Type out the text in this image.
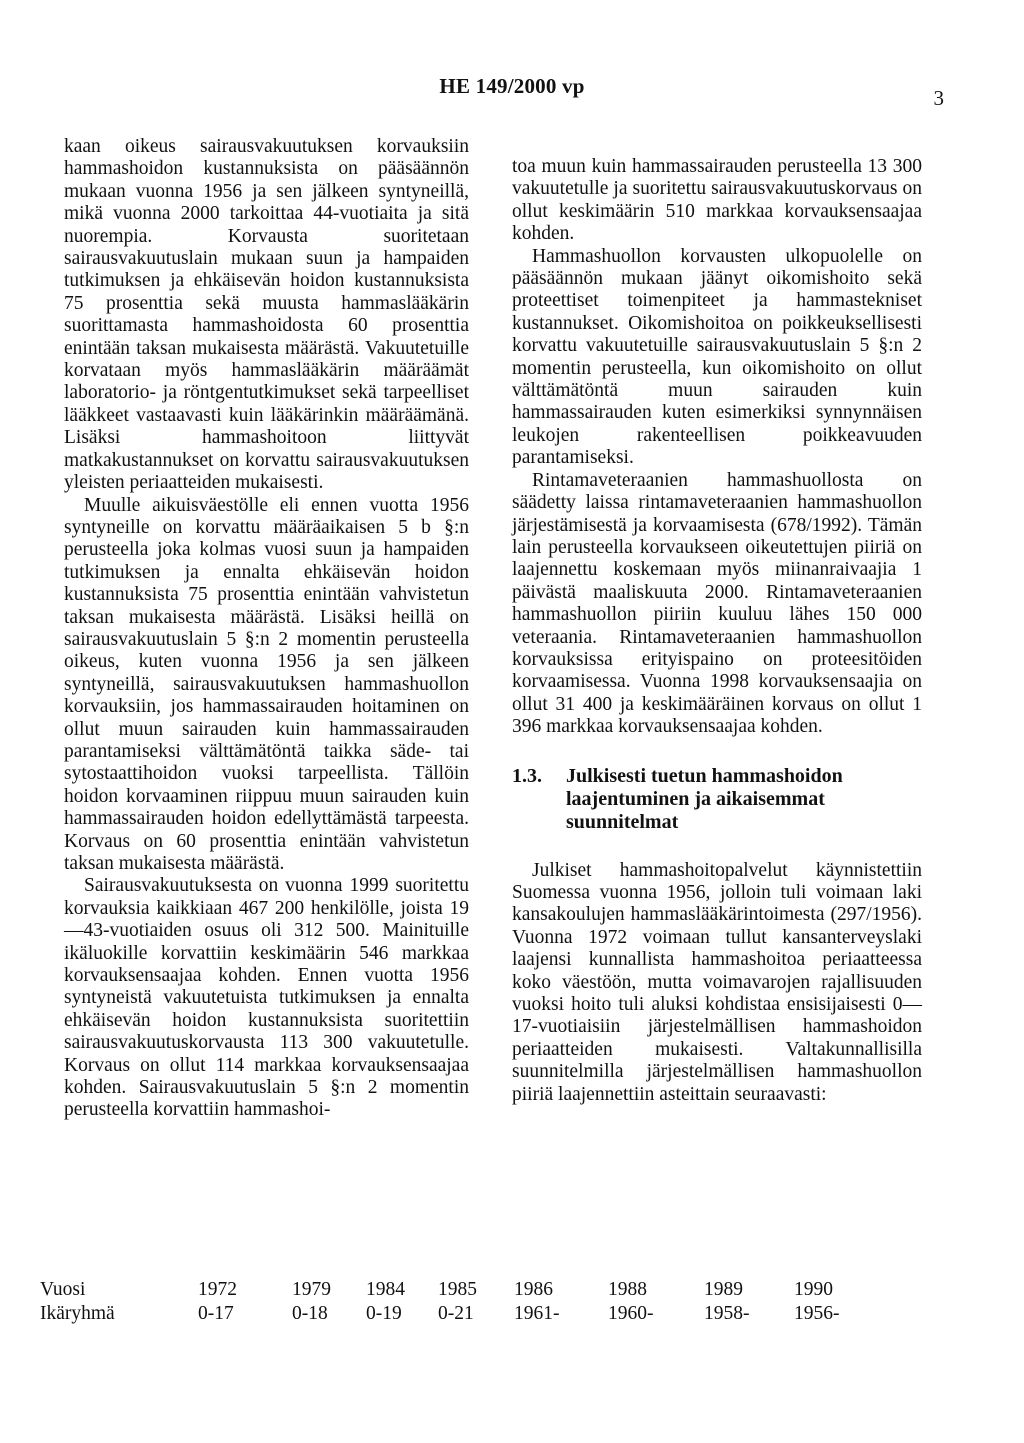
HE 149/2000 vp	3

kaan oikeus sairausvakuutuksen korvauksiin hammashoidon kustannuksista on pääsäännön mukaan vuonna 1956 ja sen jälkeen syntyneillä, mikä vuonna 2000 tarkoittaa 44-vuotiaita ja sitä nuorempia. Korvausta suoritetaan sairausvakuutuslain mukaan suun ja hampaiden tutkimuksen ja ehkäisevän hoidon kustannuksista 75 prosenttia sekä muusta hammaslääkärin suorittamasta hammashoidosta 60 prosenttia enintään taksan mukaisesta määrästä. Vakuutetuille korvataan myös hammaslääkärin määräämät laboratorio- ja röntgentutkimukset sekä tarpeelliset lääkkeet vastaavasti kuin lääkärinkin määräämänä. Lisäksi hammashoitoon liittyvät matkakustannukset on korvattu sairausvakuutuksen yleisten periaatteiden mukaisesti.

Muulle aikuisväestölle eli ennen vuotta 1956 syntyneille on korvattu määräaikaisen 5 b §:n perusteella joka kolmas vuosi suun ja hampaiden tutkimuksen ja ennalta ehkäisevän hoidon kustannuksista 75 prosenttia enintään vahvistetun taksan mukaisesta määrästä. Lisäksi heillä on sairausvakuutuslain 5 §:n 2 momentin perusteella oikeus, kuten vuonna 1956 ja sen jälkeen syntyneillä, sairausvakuutuksen hammashuollon korvauksiin, jos hammassairauden hoitaminen on ollut muun sairauden kuin hammassairauden parantamiseksi välttämätöntä taikka säde- tai sytostaattihoidon vuoksi tarpeellista. Tällöin hoidon korvaaminen riippuu muun sairauden kuin hammassairauden hoidon edellyttämästä tarpeesta. Korvaus on 60 prosenttia enintään vahvistetun taksan mukaisesta määrästä.

Sairausvakuutuksesta on vuonna 1999 suoritettu korvauksia kaikkiaan 467 200 henkilölle, joista 19—43-vuotiaiden osuus oli 312 500. Mainituille ikäluokille korvattiin keskimäärin 546 markkaa korvauksensaajaa kohden. Ennen vuotta 1956 syntyneistä vakuutetuista tutkimuksen ja ennalta ehkäisevän hoidon kustannuksista suoritettiin sairausvakuutuskorvausta 113 300 vakuutetulle. Korvaus on ollut 114 markkaa korvauksensaajaa kohden. Sairausvakuutuslain 5 §:n 2 momentin perusteella korvattiin hammashoi-

toa muun kuin hammassairauden perusteella 13 300 vakuutetulle ja suoritettu sairausvakuutuskorvaus on ollut keskimäärin 510 markkaa korvauksensaajaa kohden.

Hammashuollon korvausten ulkopuolelle on pääsäännön mukaan jäänyt oikomishoito sekä proteettiset toimenpiteet ja hammastekniset kustannukset. Oikomishoitoa on poikkeuksellisesti korvattu vakuutetuille sairausvakuutuslain 5 §:n 2 momentin perusteella, kun oikomishoito on ollut välttämätöntä muun sairauden kuin hammassairauden kuten esimerkiksi synnynnäisen leukojen rakenteellisen poikkeavuuden parantamiseksi.

Rintamaveteraanien hammashuollosta on säädetty laissa rintamaveteraanien hammashuollon järjestämisestä ja korvaamisesta (678/1992). Tämän lain perusteella korvaukseen oikeutettujen piiriä on laajennettu koskemaan myös miinanraivaajia 1 päivästä maaliskuuta 2000. Rintamaveteraanien hammashuollon piiriin kuuluu lähes 150 000 veteraania. Rintamaveteraanien hammashuollon korvauksissa erityispaino on proteesitöiden korvaamisessa. Vuonna 1998 korvauksensaajia on ollut 31 400 ja keskimääräinen korvaus on ollut 1 396 markkaa korvauksensaajaa kohden.

1.3.	Julkisesti tuetun hammashoidon laajentuminen ja aikaisemmat suunnitelmat

Julkiset hammashoitopalvelut käynnistettiin Suomessa vuonna 1956, jolloin tuli voimaan laki kansakoulujen hammaslääkärintoimesta (297/1956). Vuonna 1972 voimaan tullut kansanterveyslaki laajensi kunnallista hammashoitoa periaatteessa koko väestöön, mutta voimavarojen rajallisuuden vuoksi hoito tuli aluksi kohdistaa ensisijaisesti 0—17-vuotiaisiin järjestelmällisen hammashoidon periaatteiden mukaisesti. Valtakunnallisilla suunnitelmilla järjestelmällisen hammashuollon piiriä laajennettiin asteittain seuraavasti:

Vuosi	1972	1979 1984 1985 1986	1988	1989	1990
Ikäryhmä	0-17	0-18 0-19 0-21 1961- 1960-	1958- 1956-
